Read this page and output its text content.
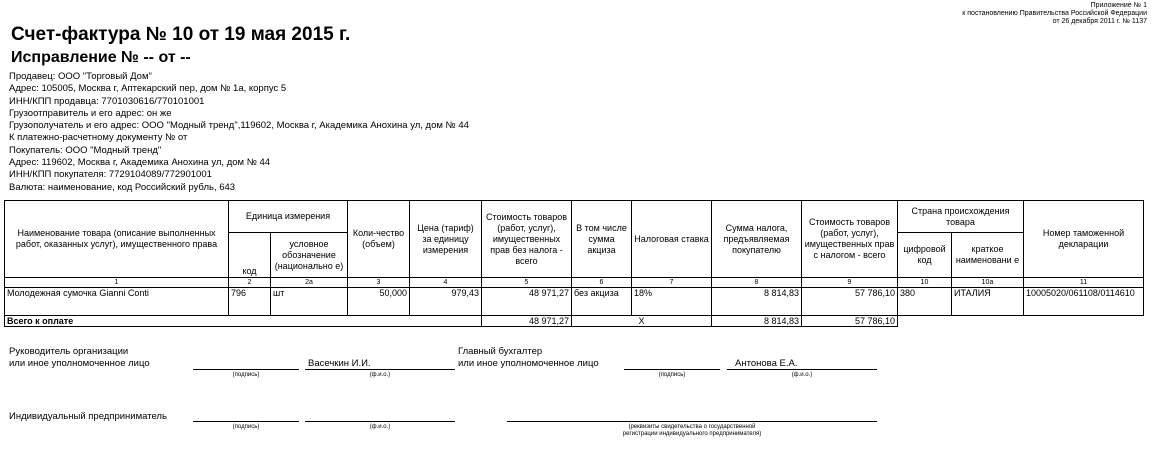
Приложение № 1
к постановлению Правительства Российской Федерации
от 26 декабря 2011 г. № 1137
Счет-фактура № 10 от 19 мая 2015 г.
Исправление № -- от --
Продавец: ООО "Торговый Дом"
Адрес: 105005, Москва г, Аптекарский пер, дом № 1а, корпус 5
ИНН/КПП продавца: 7701030616/770101001
Грузоотправитель и его адрес: он же
Грузополучатель и его адрес: ООО "Модный тренд",119602, Москва г, Академика Анохина ул, дом № 44
К платежно-расчетному документу № от
Покупатель: ООО "Модный тренд"
Адрес: 119602, Москва г, Академика Анохина ул, дом № 44
ИНН/КПП покупателя: 7729104089/772901001
Валюта: наименование, код Российский рубль, 643
Наименование товара (описание выполненных работ, оказанных услуг), имущественного права	Единица измерения		Коли-чество (объем)	Цена (тариф) за единицу измерения	Стоимость товаров (работ, услуг), имущественных прав без налога - всего	В том числе сумма акциза	Налоговая ставка	Сумма налога, предъявляемая покупателю	Стоимость товаров (работ, услуг), имущественных прав с налогом - всего	Страна происхождения товара		Номер таможенной декларации
	код	условное обозначение (национально е)								цифровой код	краткое наименовани е	
1	2	2а	3	4	5	6	7	8	9	10	10а	11
Молодежная сумочка Gianni Conti	796	шт	50,000	979,43	48 971,27	без акциза	18%	8 814,83	57 786,10	380	ИТАЛИЯ	10005020/061108/0114610
Всего к оплате					48 971,27	X		8 814,83	57 786,10			
Руководитель организации
или иное уполномоченное лицо
(подпись)
Васечкин И.И.
(ф.и.о.)
Главный бухгалтер
или иное уполномоченное лицо
(подпись)
Антонова Е.А.
(ф.и.о.)
Индивидуальный предприниматель
(подпись)	(ф.и.о.)	(реквизиты свидетельства о государственной
регистрации индивидуального предпринимателя)
